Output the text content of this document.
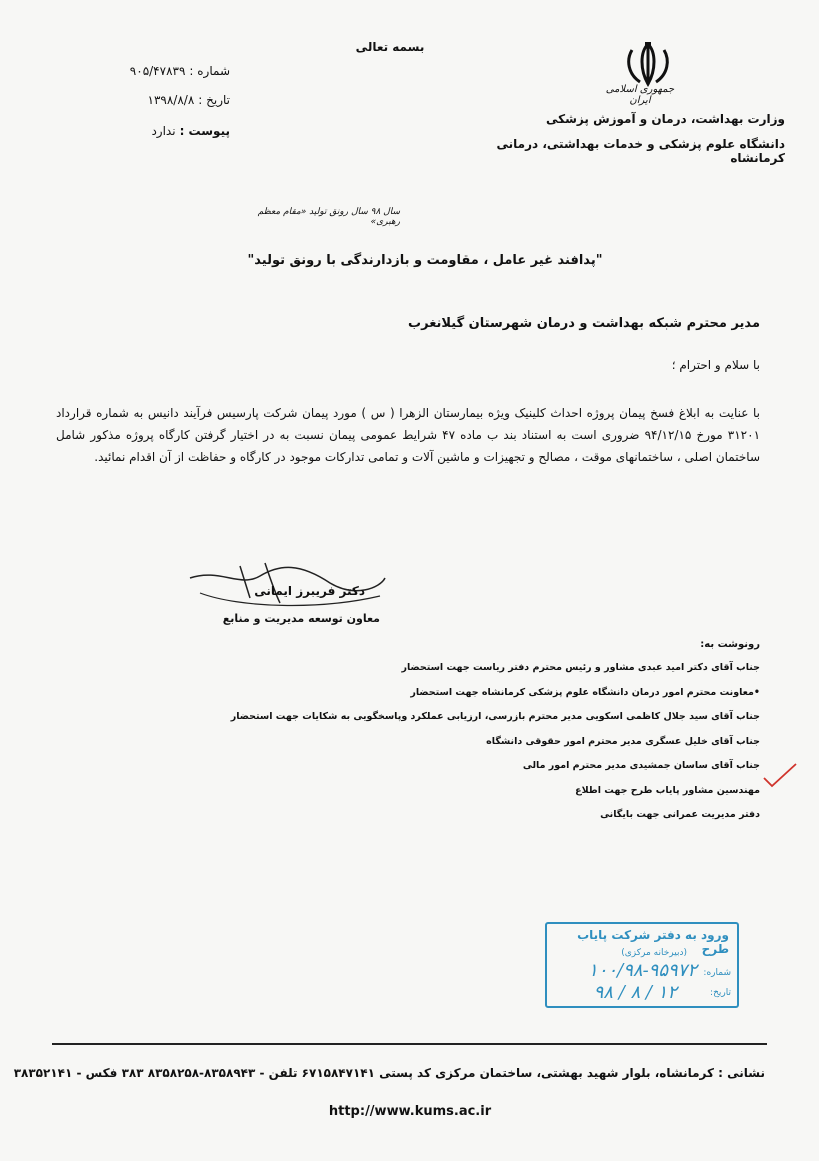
بسمه تعالی
جمهوری اسلامی ایران
وزارت بهداشت، درمان و آموزش پزشکی
دانشگاه علوم پزشکی و خدمات بهداشتی، درمانی کرمانشاه
شماره :
۹۰۵/۴۷۸۳۹
تاریخ :
۱۳۹۸/۸/۸
پیوست :
ندارد
سال ۹۸ سال رونق تولید «مقام معظم رهبری»
"پدافند غیر عامل ، مقاومت و بازدارندگی با رونق تولید"
مدیر محترم شبکه بهداشت و درمان شهرستان گیلانغرب
با سلام و احترام ؛
با عنایت به ابلاغ فسخ پیمان پروژه احداث کلینیک ویژه بیمارستان الزهرا ( س ) مورد پیمان شرکت پارسیس فرآیند دانیس به شماره قرارداد ۳۱۲۰۱ مورخ ۹۴/۱۲/۱۵ ضروری است به استناد بند ب ماده ۴۷ شرایط عمومی پیمان نسبت به در اختیار گرفتن کارگاه پروژه مذکور شامل ساختمان اصلی ، ساختمانهای موقت ، مصالح و تجهیزات و ماشین آلات و تمامی تدارکات موجود در کارگاه و حفاظت از آن اقدام نمائید.
دکتر فریبرز ایمانی
معاون توسعه مدیریت و منابع
رونوشت به:
جناب آقای دکتر امید عبدی مشاور و رئیس محترم دفتر ریاست جهت استحضار
•معاونت محترم امور درمان دانشگاه علوم پزشکی کرمانشاه جهت استحضار
جناب آقای سید جلال کاظمی اسکویی مدیر محترم بازرسی، ارزیابی عملکرد وپاسخگویی به شکایات جهت استحضار
جناب آقای خلیل عسگری مدیر محترم امور حقوقی دانشگاه
جناب آقای ساسان جمشیدی مدیر محترم امور مالی
مهندسین مشاور پایاب طرح جهت اطلاع
دفتر مدیریت عمرانی جهت بایگانی
ورود به دفتر شرکت پایاب طرح
(دبیرخانه مرکزی)
شماره:
۱۰۰/۹۸-۹۵۹۷۲
تاریخ:
۹۸ / ۸ / ۱۲
نشانی : کرمانشاه، بلوار شهید بهشتی، ساختمان مرکزی کد پستی ۶۷۱۵۸۴۷۱۴۱ تلفن - ۸۳۵۸۹۴۳-۸۳۵۸۲۵۸ ۳۸۳ فکس - ۳۸۳۵۲۱۴۱
http://www.kums.ac.ir
